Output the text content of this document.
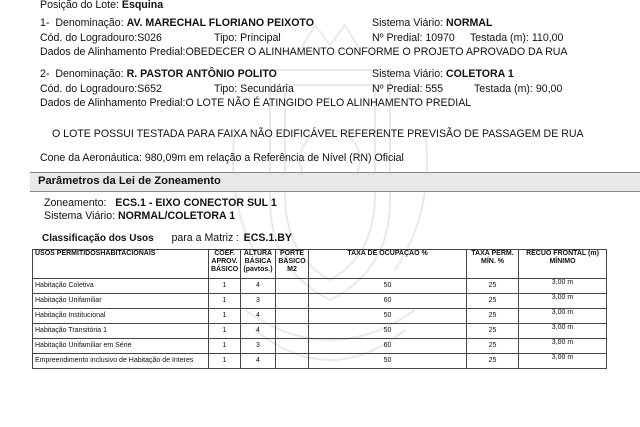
Posição do Lote: Esquina
1- Denominação: AV. MARECHAL FLORIANO PEIXOTO	Sistema Viário: NORMAL
Cód. do Logradouro:S026	Tipo: Principal	Nº Predial: 10970 Testada (m): 110,00
Dados de Alinhamento Predial:OBEDECER O ALINHAMENTO CONFORME O PROJETO APROVADO DA RUA
2- Denominação: R. PASTOR ANTÔNIO POLITO	Sistema Viário: COLETORA 1
Cód. do Logradouro:S652	Tipo: Secundária	Nº Predial: 555	Testada (m): 90,00
Dados de Alinhamento Predial:O LOTE NÃO É ATINGIDO PELO ALINHAMENTO PREDIAL
O LOTE POSSUI TESTADA PARA FAIXA NÃO EDIFICÁVEL REFERENTE PREVISÃO DE PASSAGEM DE RUA
Cone da Aeronáutica: 980,09m em relação a Referência de Nível (RN) Oficial
Parâmetros da Lei de Zoneamento
Zoneamento: ECS.1 - EIXO CONECTOR SUL 1
Sistema Viário: NORMAL/COLETORA 1
Classificação dos Usos para a Matriz : ECS.1.BY
USOS PERMITIDOSHABITACIONAIS	COEF. APROV. BÁSICO	ALTURA BÁSICA (pavtos.)	PORTE BÁSICO M2	TAXA DE OCUPAÇÃO %	TAXA PERM. MÍN. %	RECUO FRONTAL (m) MÍNIMO
Habitação Coletiva	1	4		50	25	3,00 m
Habitação Unifamiliar	1	3		60	25	3,00 m
Habitação Institucional	1	4		50	25	3,00 m
Habitação Transitória 1	1	4		50	25	3,00 m
Habitação Unifamiliar em Série	1	3		60	25	3,00 m
Empreendimento inclusivo de Habitação de Interes	1	4		50	25	3,00 m
